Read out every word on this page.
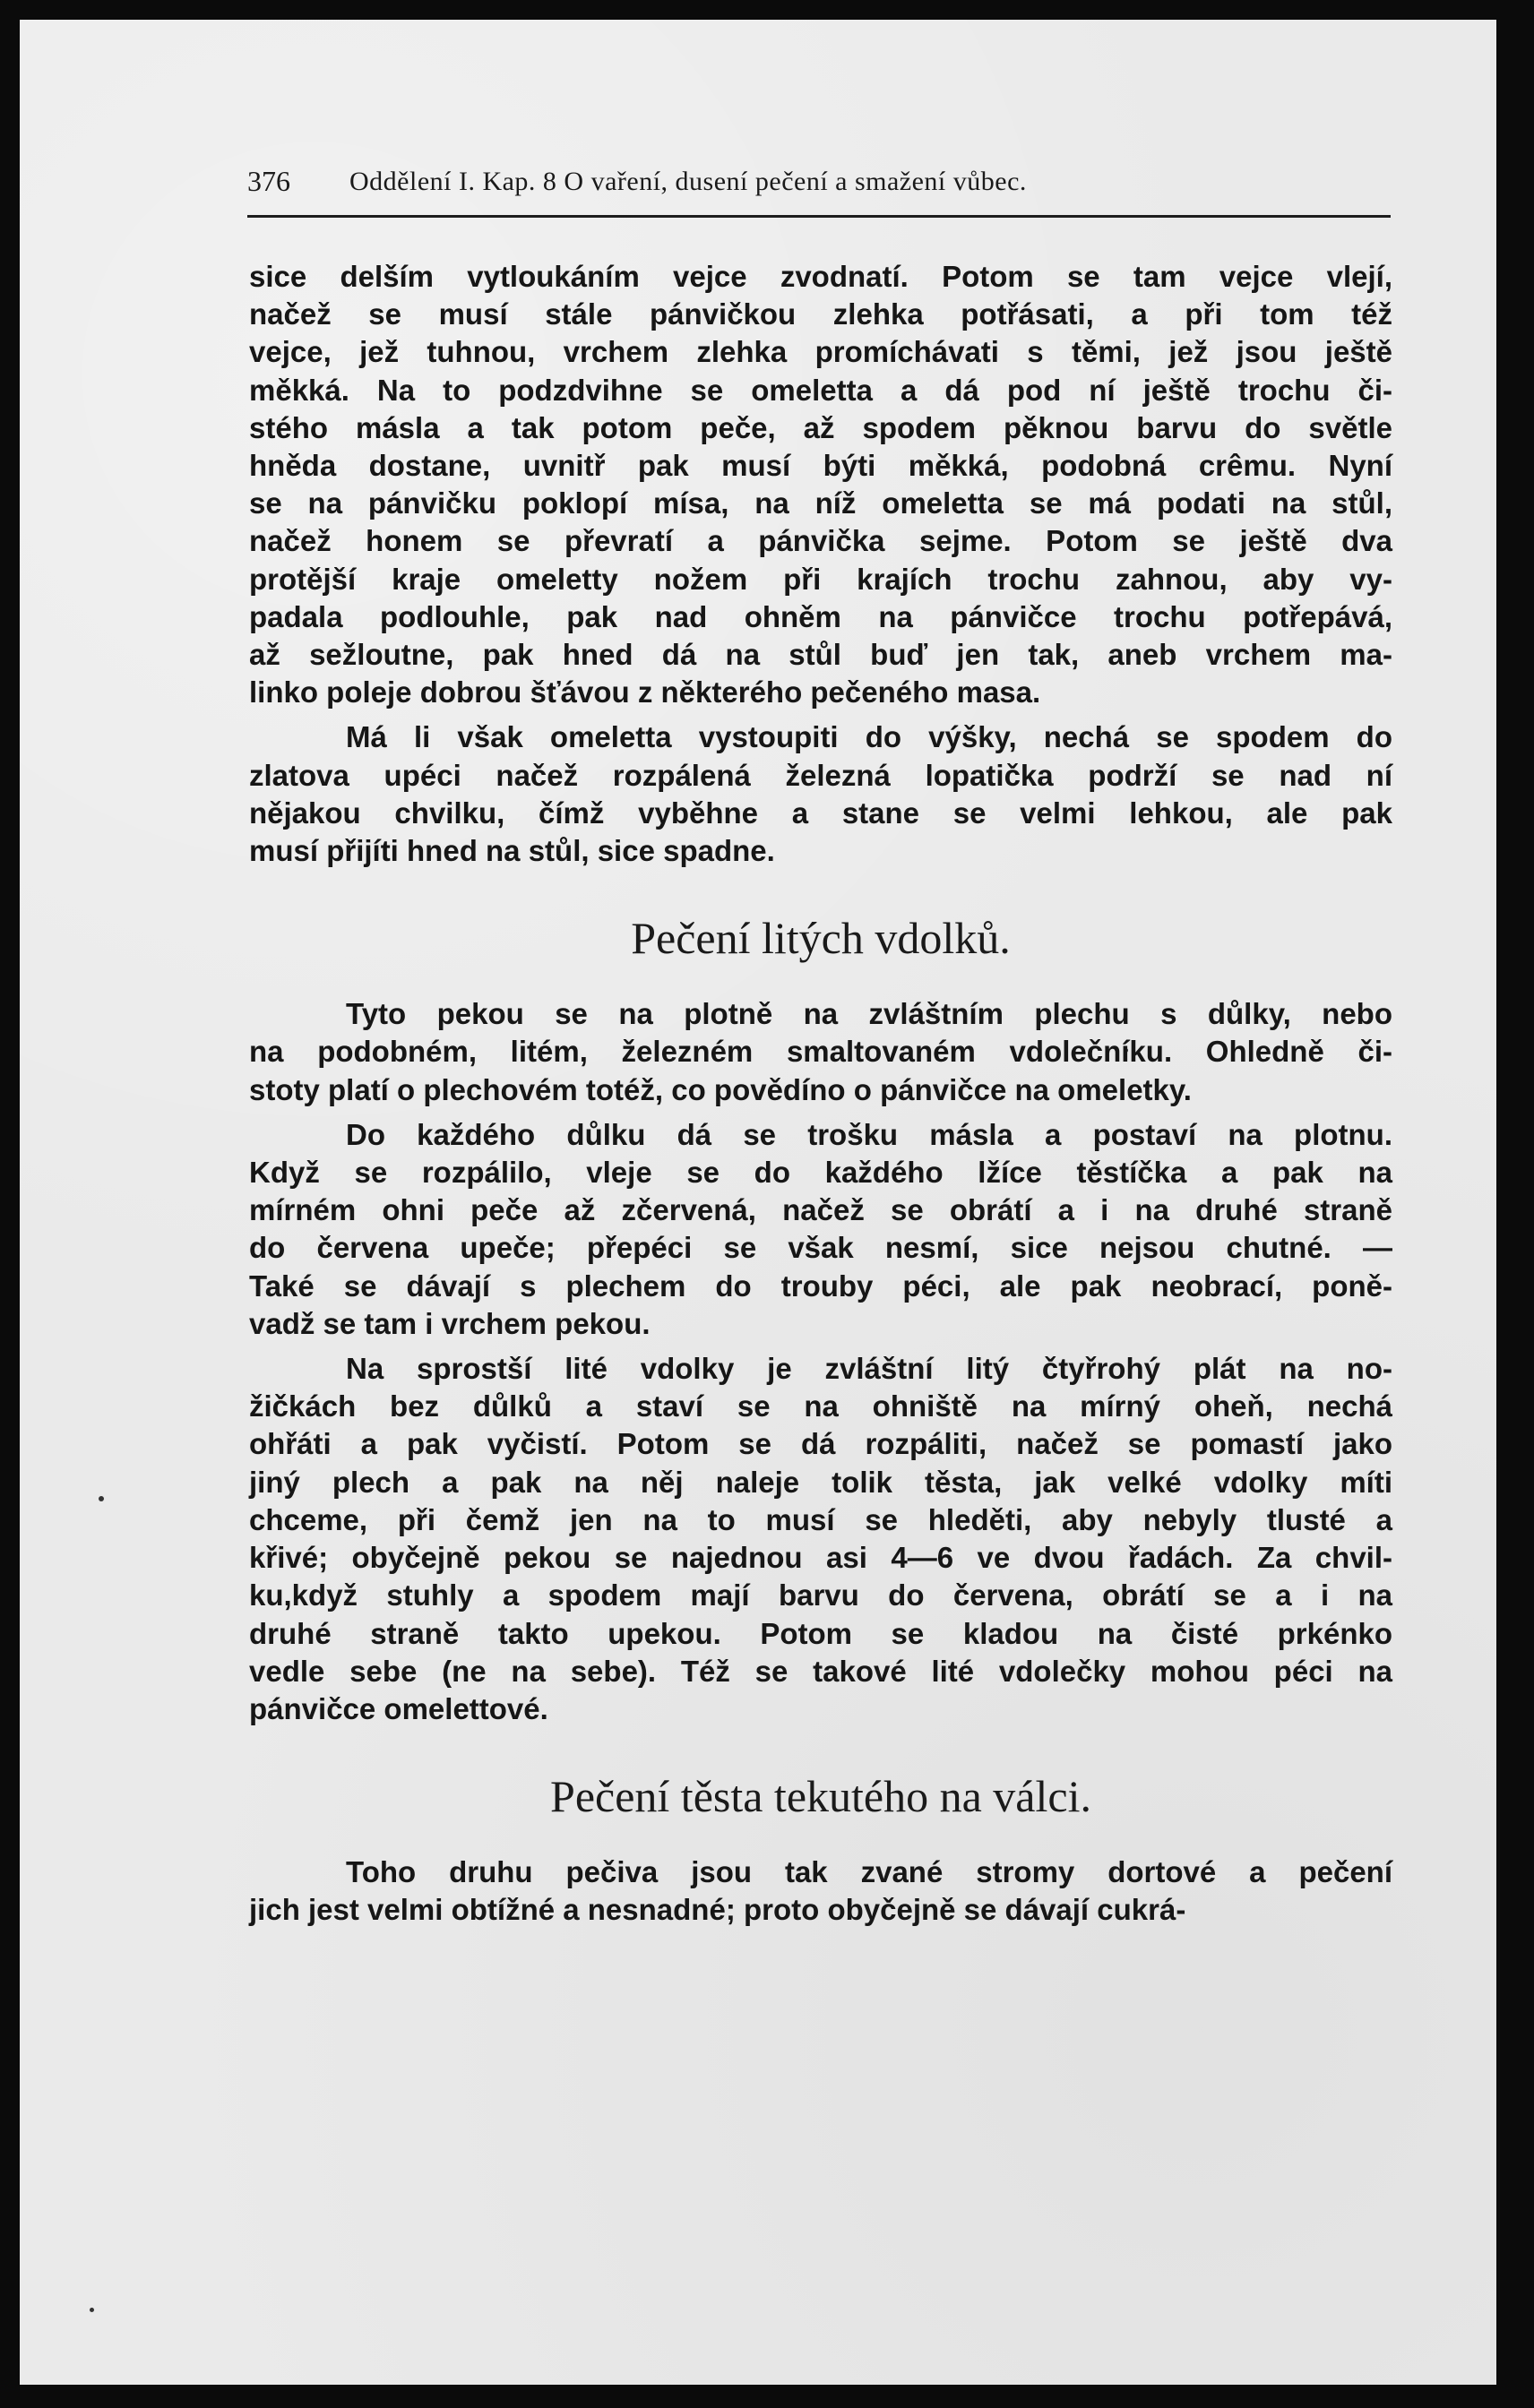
376 Oddělení I. Kap. 8 O vaření, dusení pečení a smažení vůbec.
sice delším vytloukáním vejce zvodnatí. Potom se tam vejce vlejí,
načež se musí stále pánvičkou zlehka potřásati, a při tom též
vejce, jež tuhnou, vrchem zlehka promíchávati s těmi, jež jsou ještě
měkká. Na to podzdvihne se omeletta a dá pod ní ještě trochu či-
stého másla a tak potom peče, až spodem pěknou barvu do světle
hněda dostane, uvnitř pak musí býti měkká, podobná crêmu. Nyní
se na pánvičku poklopí mísa, na níž omeletta se má podati na stůl,
načež honem se převratí a pánvička sejme. Potom se ještě dva
protější kraje omeletty nožem při krajích trochu zahnou, aby vy-
padala podlouhle, pak nad ohněm na pánvičce trochu potřepává,
až sežloutne, pak hned dá na stůl buď jen tak, aneb vrchem ma-
linko poleje dobrou šťávou z některého pečeného masa.
Má li však omeletta vystoupiti do výšky, nechá se spodem do
zlatova upéci načež rozpálená železná lopatička podrží se nad ní
nějakou chvilku, čímž vyběhne a stane se velmi lehkou, ale pak
musí přijíti hned na stůl, sice spadne.
Pečení litých vdolků.
Tyto pekou se na plotně na zvláštním plechu s důlky, nebo
na podobném, litém, železném smaltovaném vdolečníku. Ohledně či-
stoty platí o plechovém totéž, co povědíno o pánvičce na omeletky.
Do každého důlku dá se trošku másla a postaví na plotnu.
Když se rozpálilo, vleje se do každého lžíce těstíčka a pak na
mírném ohni peče až zčervená, načež se obrátí a i na druhé straně
do červena upeče; přepéci se však nesmí, sice nejsou chutné. —
Také se dávají s plechem do trouby péci, ale pak neobrací, poně-
vadž se tam i vrchem pekou.
Na sprostší lité vdolky je zvláštní litý čtyřrohý plát na no-
žičkách bez důlků a staví se na ohniště na mírný oheň, nechá
ohřáti a pak vyčistí. Potom se dá rozpáliti, načež se pomastí jako
jiný plech a pak na něj naleje tolik těsta, jak velké vdolky míti
chceme, při čemž jen na to musí se hleděti, aby nebyly tlusté a
křivé; obyčejně pekou se najednou asi 4—6 ve dvou řadách. Za chvil-
ku,když stuhly a spodem mají barvu do červena, obrátí se a i na
druhé straně takto upekou. Potom se kladou na čisté prkénko
vedle sebe (ne na sebe). Též se takové lité vdolečky mohou péci na
pánvičce omelettové.
Pečení těsta tekutého na válci.
Toho druhu pečiva jsou tak zvané stromy dortové a pečení
jich jest velmi obtížné a nesnadné; proto obyčejně se dávají cukrá-
